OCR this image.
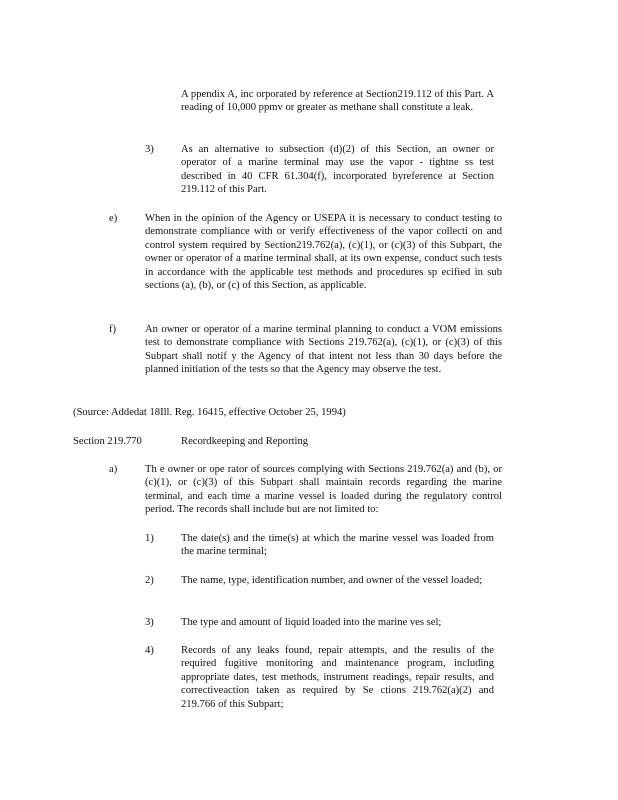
A ppendix A, inc orporated by reference at Section219.112 of this Part. A reading of 10,000 ppmv or greater as methane shall constitute a leak.

3)	As an alternative to subsection (d)(2) of this Section, an owner or operator of a marine terminal may use the vapor - tightne ss test described in 40 CFR 61.304(f), incorporated byreference at Section 219.112 of this Part.

e)	When in the opinion of the Agency or USEPA it is necessary to conduct testing to demonstrate compliance with or verify effectiveness of the vapor collecti on and control system required by Section219.762(a), (c)(1), or (c)(3) of this Subpart, the owner or operator of a marine terminal shall, at its own expense, conduct such tests in accordance with the applicable test methods and procedures sp ecified in sub sections (a), (b), or (c) of this Section, as applicable.

f)	An owner or operator of a marine terminal planning to conduct a VOM emissions test to demonstrate compliance with Sections 219.762(a), (c)(1), or (c)(3) of this Subpart shall notif y the Agency of that intent not less than 30 days before the planned initiation of the tests so that the Agency may observe the test.

(Source: Addedat 18Ill. Reg. 16415, effective October 25, 1994)

Section 219.770	Recordkeeping and Reporting
a)	Th e owner or ope rator of sources complying with Sections 219.762(a) and (b), or (c)(1), or (c)(3) of this Subpart shall maintain records regarding the marine terminal, and each time a marine vessel is loaded during the regulatory control period. The records shall include but are not limited to:

1)	The date(s) and the time(s) at which the marine vessel was loaded from the marine terminal;

2)	The name, type, identification number, and owner of the vessel loaded;

3)	The type and amount of liquid loaded into the marine ves sel;

4)	Records of any leaks found, repair attempts, and the results of the required fugitive monitoring and maintenance program, including appropriate dates, test methods, instrument readings, repair results, and correctiveaction taken as required by Se ctions 219.762(a)(2) and 219.766 of this Subpart;
